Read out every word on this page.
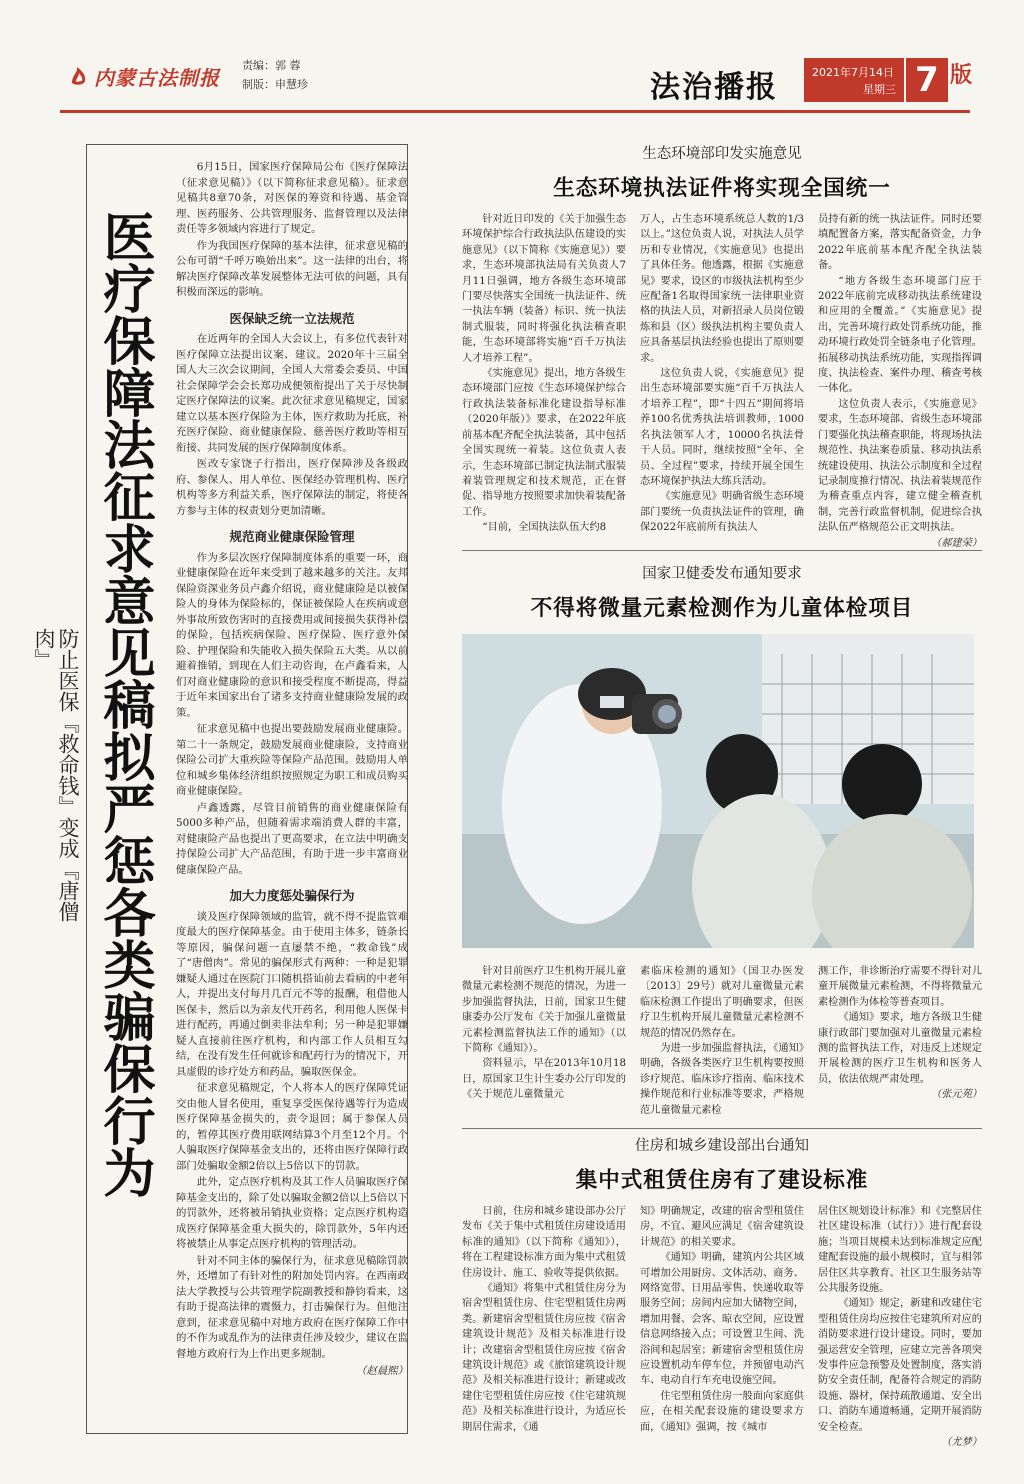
内蒙古法制报 责编：郭 蓉
制版：申慧珍	法治播报	2021年7月14日
星期三 7 版
医疗保障法征求意见稿拟严惩各类骗保行为
防止医保『救命钱』变成『唐僧肉』

6月15日，国家医疗保障局公布《医疗保障法（征求意见稿）》（以下简称征求意见稿）。征求意见稿共8章70条，对医保的筹资和待遇、基金管理、医药服务、公共管理服务、监督管理以及法律责任等多领域内容进行了规定。

作为我国医疗保障的基本法律，征求意见稿的公布可谓“千呼万唤始出来”。这一法律的出台，将解决医疗保障改革发展整体无法可依的问题，具有积极而深远的影响。

医保缺乏统一立法规范

在近两年的全国人大会议上，有多位代表针对医疗保障立法提出议案、建议。2020年十三届全国人大三次会议期间，全国人大常委会委员、中国社会保障学会会长郑功成便领衔提出了关于尽快制定医疗保障法的议案。此次征求意见稿规定，国家建立以基本医疗保险为主体，医疗救助为托底，补充医疗保险、商业健康保险、慈善医疗救助等相互衔接、共同发展的医疗保障制度体系。

医改专家饶子行指出，医疗保障涉及各级政府、参保人、用人单位、医保经办管理机构、医疗机构等多方利益关系，医疗保障法的制定，将使各方参与主体的权责划分更加清晰。

规范商业健康保险管理

作为多层次医疗保障制度体系的重要一环，商业健康保险在近年来受到了越来越多的关注。友邦保险资深业务员卢鑫介绍说，商业健康险是以被保险人的身体为保险标的，保证被保险人在疾病或意外事故所致伤害时的直接费用或间接损失获得补偿的保险，包括疾病保险、医疗保险、医疗意外保险、护理保险和失能收入损失保险五大类。从以前避着推销，到现在人们主动咨询，在卢鑫看来，人们对商业健康险的意识和接受程度不断提高，得益于近年来国家出台了诸多支持商业健康险发展的政策。

征求意见稿中也提出要鼓励发展商业健康险。第二十一条规定，鼓励发展商业健康险，支持商业保险公司扩大重疾险等保险产品范围。鼓励用人单位和城乡集体经济组织按照规定为职工和成员购买商业健康保险。

卢鑫透露，尽管目前销售的商业健康保险有5000多种产品，但随着需求端消费人群的丰富，对健康险产品也提出了更高要求，在立法中明确支持保险公司扩大产品范围，有助于进一步丰富商业健康保险产品。

加大力度惩处骗保行为

谈及医疗保障领域的监管，就不得不提监管难度最大的医疗保障基金。由于使用主体多，链条长等原因，骗保问题一直屡禁不绝，“救命钱”成了“唐僧肉”。常见的骗保形式有两种：一种是犯罪嫌疑人通过在医院门口随机搭讪前去看病的中老年人，并提出支付每月几百元不等的报酬，租借他人医保卡，然后以为亲友代开药名，利用他人医保卡进行配药，再通过倒卖非法牟利；另一种是犯罪嫌疑人直接前往医疗机构，和内部工作人员相互勾结，在没有发生任何就诊和配药行为的情况下，开具虚假的诊疗处方和药品，骗取医保金。

征求意见稿规定，个人将本人的医疗保障凭证交由他人冒名使用，重复享受医保待遇等行为造成医疗保障基金损失的，责令退回；属于参保人员的，暂停其医疗费用联网结算3个月至12个月。个人骗取医疗保障基金支出的，还将由医疗保障行政部门处骗取金额2倍以上5倍以下的罚款。

此外，定点医疗机构及其工作人员骗取医疗保障基金支出的，除了处以骗取金额2倍以上5倍以下的罚款外，还将被吊销执业资格；定点医疗机构造成医疗保障基金重大损失的，除罚款外，5年内还将被禁止从事定点医疗机构的管理活动。

针对不同主体的骗保行为，征求意见稿除罚款外，还增加了有针对性的附加处罚内容。在西南政法大学教授与公共管理学院副教授和静钧看来，这有助于提高法律的震慑力，打击骗保行为。但他注意到，征求意见稿中对地方政府在医疗保障工作中的不作为或乱作为的法律责任涉及较少，建议在监督地方政府行为上作出更多规制。

（赵晨熙）
生态环境部印发实施意见
生态环境执法证件将实现全国统一

针对近日印发的《关于加强生态环境保护综合行政执法队伍建设的实施意见》（以下简称《实施意见》）要求，生态环境部执法局有关负责人7月11日强调，地方各级生态环境部门要尽快落实全国统一执法证件、统一执法车辆（装备）标识、统一执法制式服装，同时将强化执法稽查职能，生态环境部将实施“百千万执法人才培养工程”。

《实施意见》提出，地方各级生态环境部门应按《生态环境保护综合行政执法装备标准化建设指导标准（2020年版）》要求，在2022年底前基本配齐配全执法装备，其中包括全国实现统一着装。这位负责人表示，生态环境部已制定执法制式服装着装管理规定和技术规范，正在督促、指导地方按照要求加快着装配备工作。

“目前，全国执法队伍大约8

万人，占生态环境系统总人数的1/3以上。”这位负责人说，对执法人员学历和专业情况，《实施意见》也提出了具体任务。他透露，根据《实施意见》要求，设区的市级执法机构至少应配备1名取得国家统一法律职业资格的执法人员，对新招录人员岗位锻炼和县（区）级执法机构主要负责人应具备基层执法经验也提出了原则要求。

这位负责人说，《实施意见》提出生态环境部要实施“百千万执法人才培养工程”，即“十四五”期间将培养100名优秀执法培训教师，1000名执法领军人才，10000名执法骨干人员。同时，继续按照“全年、全员、全过程”要求，持续开展全国生态环境保护执法大练兵活动。

《实施意见》明确省级生态环境部门要统一负责执法证件的管理，确保2022年底前所有执法人

员持有新的统一执法证件。同时还要填配置备方案，落实配备资金，力争2022年底前基本配齐配全执法装备。

“地方各级生态环境部门应于2022年底前完成移动执法系统建设和应用的全覆盖。”《实施意见》提出，完善环境行政处罚系统功能，推动环境行政处罚全链条电子化管理。拓展移动执法系统功能，实现指挥调度、执法检查、案件办理、稽查考核一体化。

这位负责人表示，《实施意见》要求，生态环境部、省级生态环境部门要强化执法稽查职能，将现场执法规范性、执法案卷质量、移动执法系统建设使用、执法公示制度和全过程记录制度推行情况、执法着装规范作为稽查重点内容，建立健全稽查机制，完善行政监督机制，促进综合执法队伍严格规范公正文明执法。

（郝建荣）
国家卫健委发布通知要求
不得将微量元素检测作为儿童体检项目

针对目前医疗卫生机构开展儿童微量元素检测不规范的情况，为进一步加强监督执法，日前，国家卫生健康委办公厅发布《关于加强儿童微量元素检测监督执法工作的通知》（以下简称《通知》）。

资料显示，早在2013年10月18日，原国家卫生计生委办公厅印发的《关于规范儿童微量元

素临床检测的通知》（国卫办医发〔2013〕29号）就对儿童微量元素临床检测工作提出了明确要求，但医疗卫生机构开展儿童微量元素检测不规范的情况仍然存在。

为进一步加强监督执法，《通知》明确，各级各类医疗卫生机构要按照诊疗规范、临床诊疗指南、临床技术操作规范和行业标准等要求，严格规范儿童微量元素检

测工作，非诊断治疗需要不得针对儿童开展微量元素检测，不得将微量元素检测作为体检等普查项目。

《通知》要求，地方各级卫生健康行政部门要加强对儿童微量元素检测的监督执法工作，对违反上述规定开展检测的医疗卫生机构和医务人员，依法依规严肃处理。

（张元苑）
住房和城乡建设部出台通知
集中式租赁住房有了建设标准

日前，住房和城乡建设部办公厅发布《关于集中式租赁住房建设适用标准的通知》（以下简称《通知》），将在工程建设标准方面为集中式租赁住房设计、施工、验收等提供依据。

《通知》将集中式租赁住房分为宿舍型租赁住房、住宅型租赁住房两类。新建宿舍型租赁住房应按《宿舍建筑设计规范》及相关标准进行设计；改建宿舍型租赁住房应按《宿舍建筑设计规范》或《旅馆建筑设计规范》及相关标准进行设计；新建或改建住宅型租赁住房应按《住宅建筑规范》及相关标准进行设计，为适应长期居住需求，《通

知》明确规定，改建的宿舍型租赁住房，不宜、避风应满足《宿舍建筑设计规范》的相关要求。

《通知》明确，建筑内公共区域可增加公用厨房、文体活动、商务、网络宽带、日用品零售、快递收取等服务空间；房间内应加大储物空间，增加用餐、会客、晾衣空间，应设置信息网络接入点；可设置卫生间、洗浴间和起居室；新建宿舍型租赁住房应设置机动车停车位，并预留电动汽车、电动自行车充电设施空间。

住宅型租赁住房一般面向家庭供应，在相关配套设施的建设要求方面，《通知》强调，按《城市

居住区规划设计标准》和《完整居住社区建设标准（试行）》进行配套设施；当项目规模未达到标准规定应配建配套设施的最小规模时，宜与相邻居住区共享教育、社区卫生服务站等公共服务设施。

《通知》规定，新建和改建住宅型租赁住房均应按住宅建筑所对应的消防要求进行设计建设。同时，要加强运营安全管理，应建立完善各项突发事件应急预警及处置制度，落实消防安全责任制，配备符合规定的消防设施、器材，保持疏散通道、安全出口、消防车通道畅通，定期开展消防安全检查。

（尤梦）
